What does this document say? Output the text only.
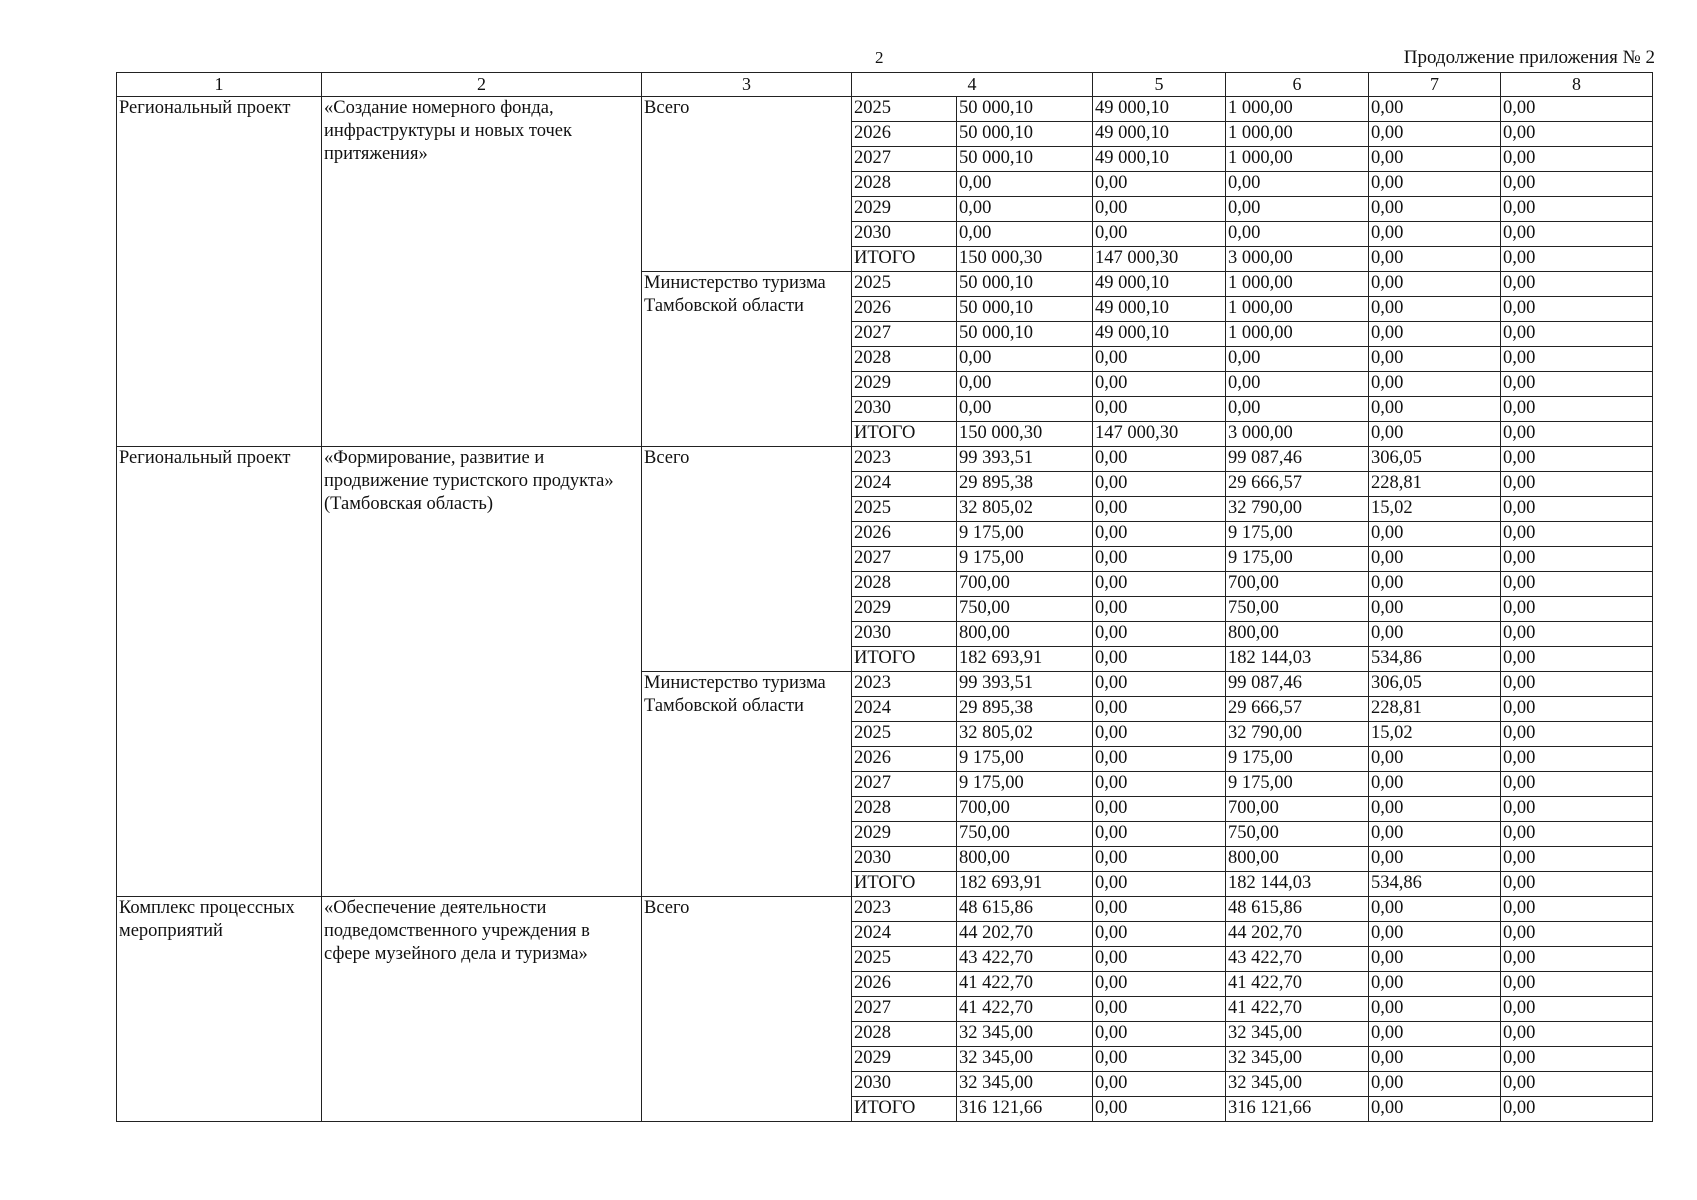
2	Продолжение приложения № 2
1	2	3	4		5	6	7	8
Региональный проект	«Создание номерного фонда, инфраструктуры и новых точек притяжения»	Всего	2025	50 000,10	49 000,10	1 000,00	0,00	0,00
			2026	50 000,10	49 000,10	1 000,00	0,00	0,00
			2027	50 000,10	49 000,10	1 000,00	0,00	0,00
			2028	0,00	0,00	0,00	0,00	0,00
			2029	0,00	0,00	0,00	0,00	0,00
			2030	0,00	0,00	0,00	0,00	0,00
			ИТОГО	150 000,30	147 000,30	3 000,00	0,00	0,00
		Министерство туризма Тамбовской области	2025	50 000,10	49 000,10	1 000,00	0,00	0,00
			2026	50 000,10	49 000,10	1 000,00	0,00	0,00
			2027	50 000,10	49 000,10	1 000,00	0,00	0,00
			2028	0,00	0,00	0,00	0,00	0,00
			2029	0,00	0,00	0,00	0,00	0,00
			2030	0,00	0,00	0,00	0,00	0,00
			ИТОГО	150 000,30	147 000,30	3 000,00	0,00	0,00
Региональный проект	«Формирование, развитие и продвижение туристского продукта» (Тамбовская область)	Всего	2023	99 393,51	0,00	99 087,46	306,05	0,00
			2024	29 895,38	0,00	29 666,57	228,81	0,00
			2025	32 805,02	0,00	32 790,00	15,02	0,00
			2026	9 175,00	0,00	9 175,00	0,00	0,00
			2027	9 175,00	0,00	9 175,00	0,00	0,00
			2028	700,00	0,00	700,00	0,00	0,00
			2029	750,00	0,00	750,00	0,00	0,00
			2030	800,00	0,00	800,00	0,00	0,00
			ИТОГО	182 693,91	0,00	182 144,03	534,86	0,00
		Министерство туризма Тамбовской области	2023	99 393,51	0,00	99 087,46	306,05	0,00
			2024	29 895,38	0,00	29 666,57	228,81	0,00
			2025	32 805,02	0,00	32 790,00	15,02	0,00
			2026	9 175,00	0,00	9 175,00	0,00	0,00
			2027	9 175,00	0,00	9 175,00	0,00	0,00
			2028	700,00	0,00	700,00	0,00	0,00
			2029	750,00	0,00	750,00	0,00	0,00
			2030	800,00	0,00	800,00	0,00	0,00
			ИТОГО	182 693,91	0,00	182 144,03	534,86	0,00
Комплекс процессных мероприятий	«Обеспечение деятельности подведомственного учреждения в сфере музейного дела и туризма»	Всего	2023	48 615,86	0,00	48 615,86	0,00	0,00
			2024	44 202,70	0,00	44 202,70	0,00	0,00
			2025	43 422,70	0,00	43 422,70	0,00	0,00
			2026	41 422,70	0,00	41 422,70	0,00	0,00
			2027	41 422,70	0,00	41 422,70	0,00	0,00
			2028	32 345,00	0,00	32 345,00	0,00	0,00
			2029	32 345,00	0,00	32 345,00	0,00	0,00
			2030	32 345,00	0,00	32 345,00	0,00	0,00
			ИТОГО	316 121,66	0,00	316 121,66	0,00	0,00
